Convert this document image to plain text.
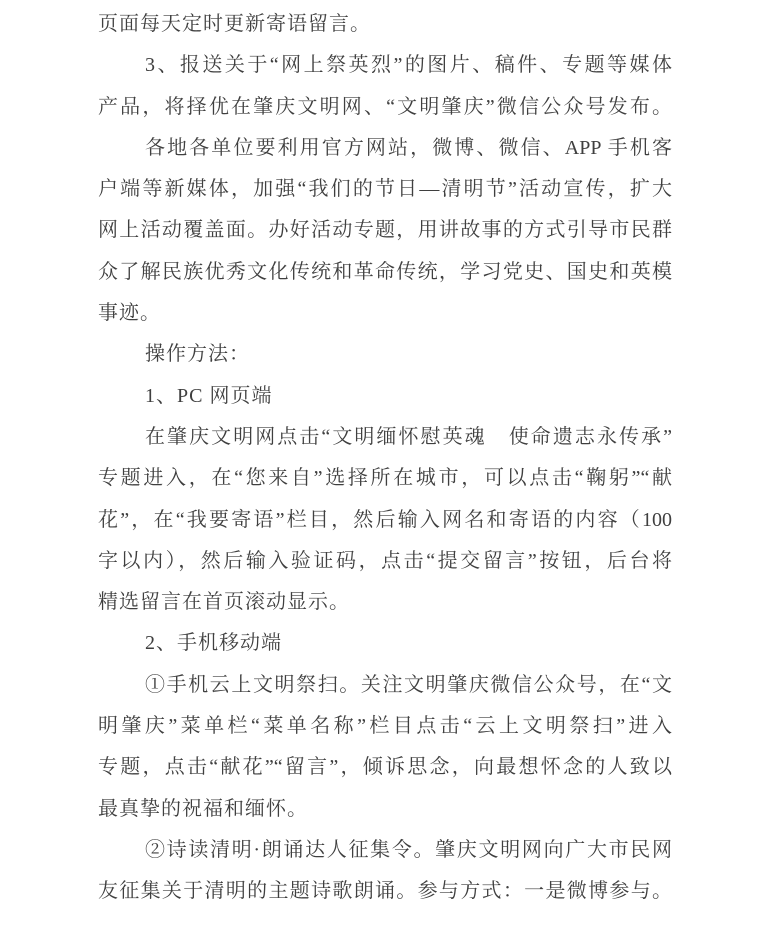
页面每天定时更新寄语留言。
3、报送关于“网上祭英烈”的图片、稿件、专题等媒体
产品，将择优在肇庆文明网、“文明肇庆”微信公众号发布。
各地各单位要利用官方网站，微博、微信、APP 手机客
户端等新媒体，加强“我们的节日—清明节”活动宣传，扩大
网上活动覆盖面。办好活动专题，用讲故事的方式引导市民群
众了解民族优秀文化传统和革命传统，学习党史、国史和英模
事迹。
操作方法：
1、PC 网页端
在肇庆文明网点击“文明缅怀慰英魂　使命遗志永传承”
专题进入，在“您来自”选择所在城市，可以点击“鞠躬”“献
花”，在“我要寄语”栏目，然后输入网名和寄语的内容（100
字以内），然后输入验证码，点击“提交留言”按钮，后台将
精选留言在首页滚动显示。
2、手机移动端
①手机云上文明祭扫。关注文明肇庆微信公众号，在“文
明肇庆”菜单栏“菜单名称”栏目点击“云上文明祭扫”进入
专题，点击“献花”“留言”，倾诉思念，向最想怀念的人致以
最真挚的祝福和缅怀。
②诗读清明·朗诵达人征集令。肇庆文明网向广大市民网
友征集关于清明的主题诗歌朗诵。参与方式：一是微博参与。
